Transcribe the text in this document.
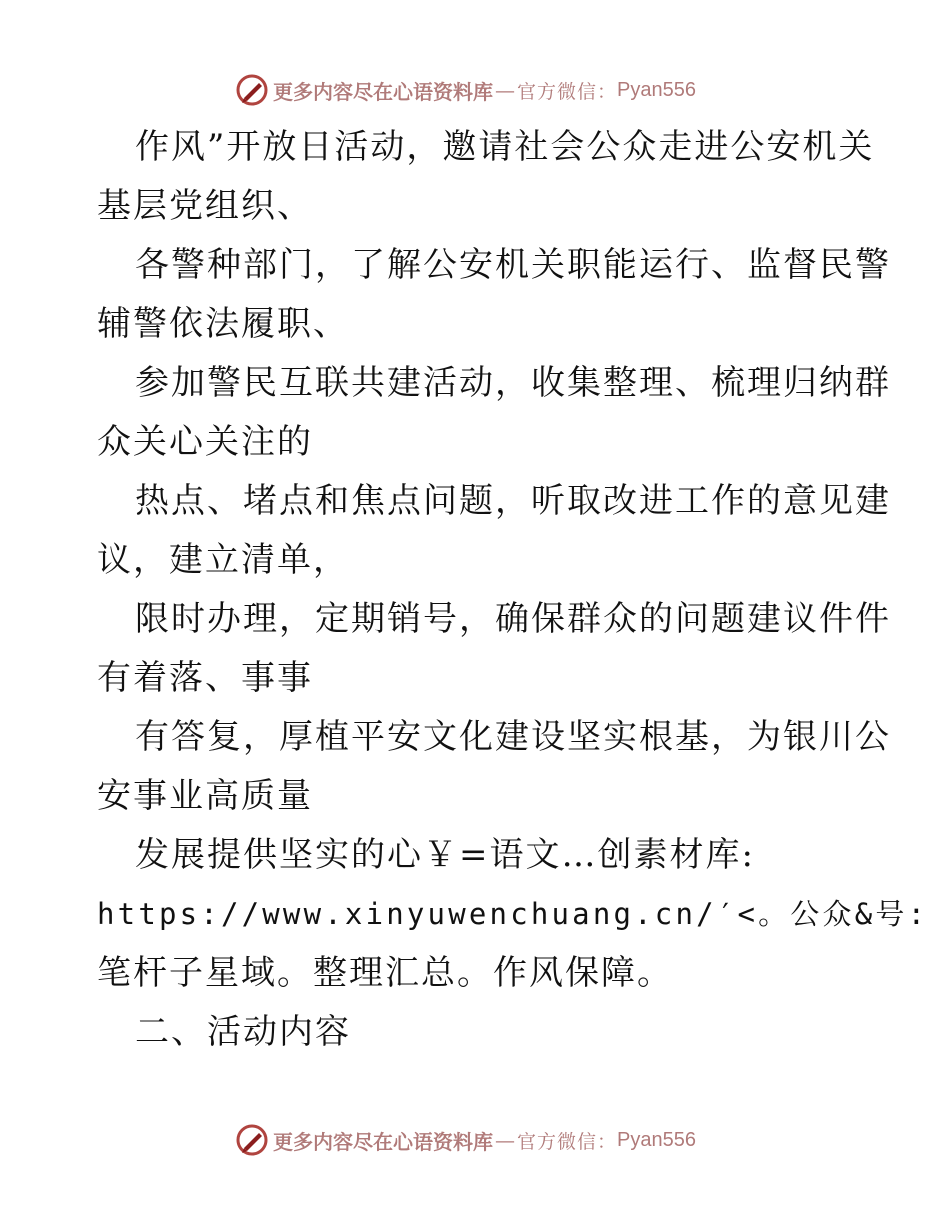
更多内容尽在心语资料库 — 官方微信： Pyan556
作风”开放日活动，邀请社会公众走进公安机关
基层党组织、
各警种部门，了解公安机关职能运行、监督民警
辅警依法履职、
参加警民互联共建活动，收集整理、梳理归纳群
众关心关注的
热点、堵点和焦点问题，听取改进工作的意见建
议，建立清单，
限时办理，定期销号，确保群众的问题建议件件
有着落、事事
有答复，厚植平安文化建设坚实根基，为银川公
安事业高质量
发展提供坚实的心￥=语文…创素材库:
https://www.xinyuwenchuang.cn/′<。公众&号:
笔杆子星域。整理汇总。作风保障。
二、活动内容
更多内容尽在心语资料库 — 官方微信： Pyan556
